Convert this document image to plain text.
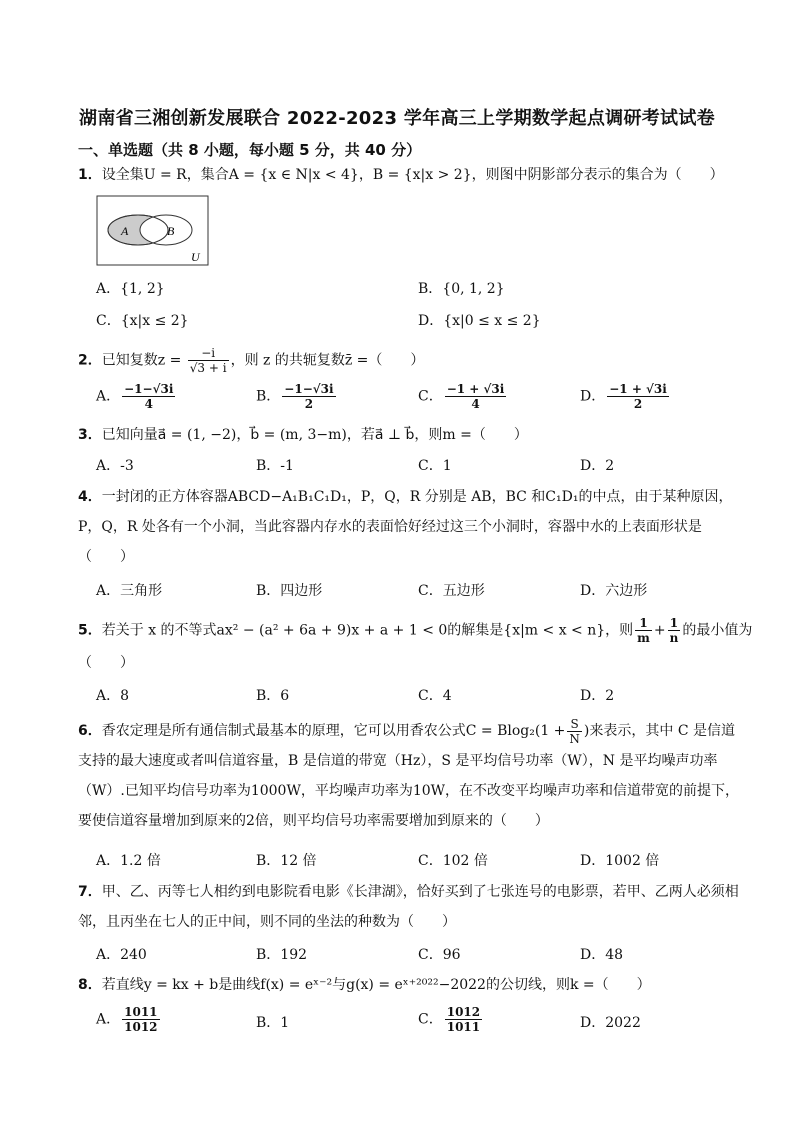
湖南省三湘创新发展联合 2022-2023 学年高三上学期数学起点调研考试试卷
一、单选题（共 8 小题，每小题 5 分，共 40 分）
1．设全集U = R，集合A = {x ∈ N|x < 4}，B = {x|x > 2}，则图中阴影部分表示的集合为（　　）
A	B
U
A．{1, 2}	B．{0, 1, 2}
C．{x|x ≤ 2}	D．{x|0 ≤ x ≤ 2}
2．已知复数$z = \frac{-i}{√3 + i}$ ，则 z 的共轭复数z̄ =（　　）
A． $\frac{-1-√3i}{4}$	B． $\frac{-1-√3i}{2}$	C． $\frac{-1 + √3i}{4}$	D． $\frac{-1 + √3i}{2}$
3．已知向量a⃗ = (1, −2)，b⃗ = (m, 3−m)，若a⃗ ⊥ b⃗，则m =（　　）
A．-3	B．-1	C．1	D．2
4．一封闭的正方体容器ABCD−A₁B₁C₁D₁，P，Q，R 分别是 AB，BC 和C₁D₁的中点，由于某种原因，P，Q，R 处各有一个小洞，当此容器内存水的表面恰好经过这三个小洞时，容器中水的上表面形状是（　　）
A．三角形	B．四边形	C．五边形	D．六边形
5．若关于 x 的不等式ax² − (a² + 6a + 9)x + a + 1 < 0的解集是{x|m < x < n}，则 $\frac{1}{m} + \frac{1}{n}$ 的最小值为
（　　）
A．8	B．6	C．4	D．2
6．香农定理是所有通信制式最基本的原理，它可以用香农公式$C = Blog_2(1 + \frac{S}{N}$ )来表示，其中 C 是信道支持的最大速度或者叫信道容量，B 是信道的带宽（Hz），S 是平均信号功率（W），N 是平均噪声功率（W）.已知平均信号功率为1000W，平均噪声功率为10W，在不改变平均噪声功率和信道带宽的前提下，要使信道容量增加到原来的2倍，则平均信号功率需要增加到原来的（　　）
A．1.2 倍	B．12 倍	C．102 倍	D．1002 倍
7．甲、乙、丙等七人相约到电影院看电影《长津湖》，恰好买到了七张连号的电影票，若甲、乙两人必须相邻，且丙坐在七人的正中间，则不同的坐法的种数为（　　）
A．240	B．192	C．96	D．48
8．若直线y = kx + b是曲线f(x) = eˣ⁻²与g(x) = eˣ⁺²⁰²²−2022的公切线，则k =（　　）
A． $\frac{1011}{1012}$	B．1	C． $\frac{1012}{1011}$	D．2022
